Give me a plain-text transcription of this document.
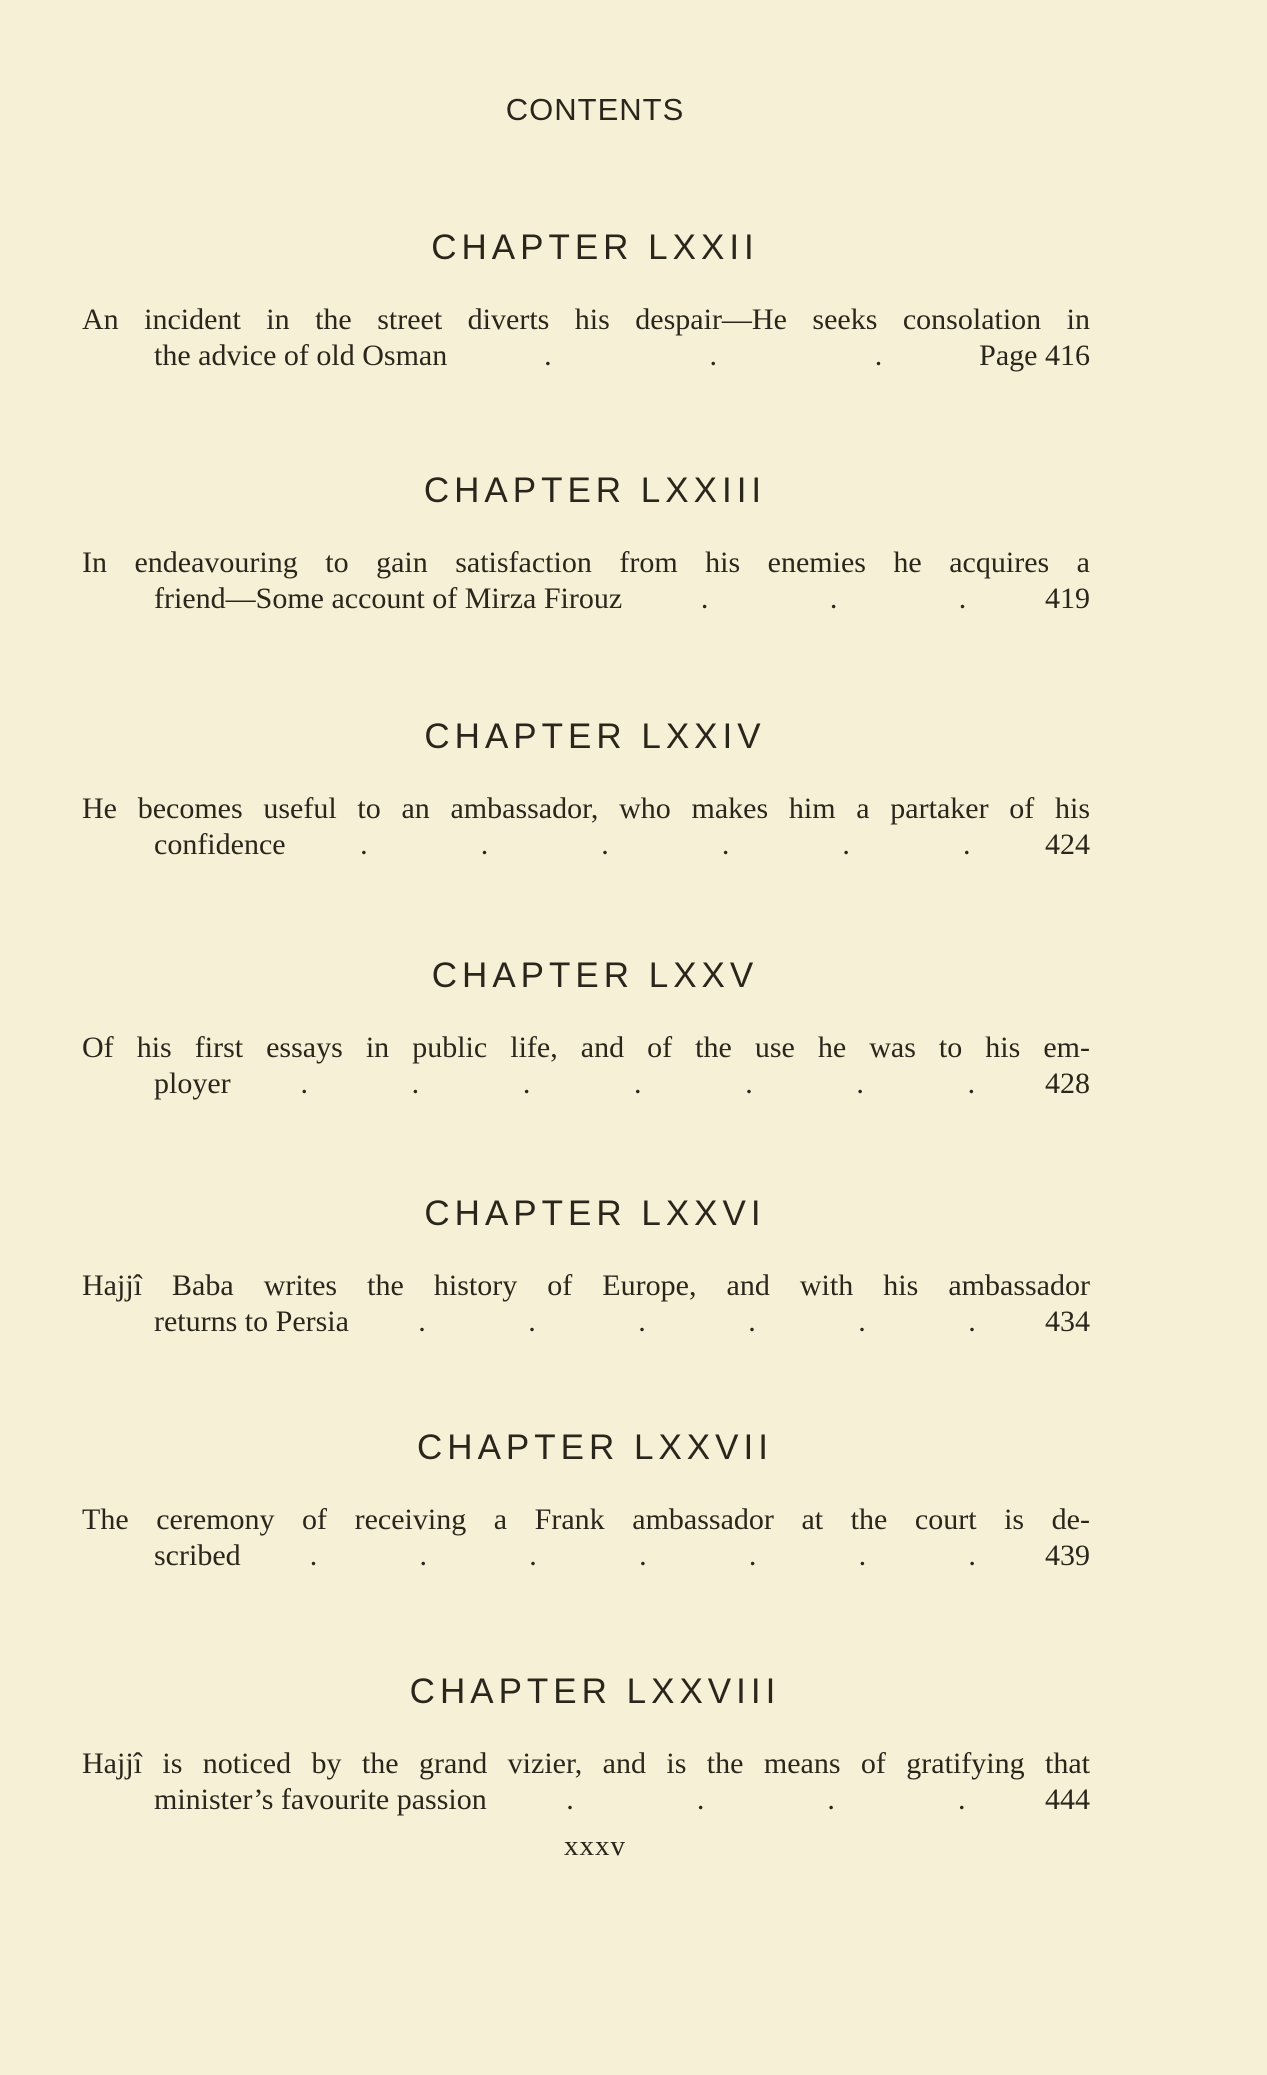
CONTENTS
CHAPTER LXXII
An incident in the street diverts his despair—He seeks consolation in
the advice of old Osman	.	.	.	Page 416
CHAPTER LXXIII
In endeavouring to gain satisfaction from his enemies he acquires a
friend—Some account of Mirza Firouz	.	.	.	419
CHAPTER LXXIV
He becomes useful to an ambassador, who makes him a partaker of his
confidence .	.	.	.	.	. 424
CHAPTER LXXV
Of his first essays in public life, and of the use he was to his em-
ployer .	.	.	.	.	.	. 428
CHAPTER LXXVI
Hajjî Baba writes the history of Europe, and with his ambassador
returns to Persia .	.	.	.	.	. 434
CHAPTER LXXVII
The ceremony of receiving a Frank ambassador at the court is de-
scribed .	.	.	.	.	.	. 439
CHAPTER LXXVIII
Hajjî is noticed by the grand vizier, and is the means of gratifying that
minister’s favourite passion	.	.	.	.	444
xxxv
